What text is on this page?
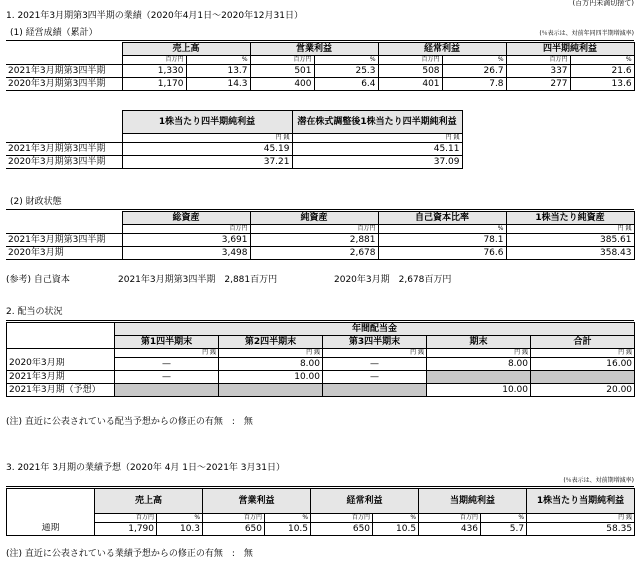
(百万円未満切捨て)
1. 2021年3月期第3四半期の業績（2020年4月1日～2020年12月31日）
(1) 経営成績（累計）	(％表示は、対前年同四半期増減率)
	売上高		営業利益		経常利益		四半期純利益	
	百万円	%	百万円	%	百万円	%	百万円	%
2021年3月期第3四半期	1,330	13.7	501	25.3	508	26.7	337	21.6
2020年3月期第3四半期	1,170	14.3	400	6.4	401	7.8	277	13.6
	1株当たり四半期純利益	潜在株式調整後1株当たり四半期純利益
	円 銭	円 銭
2021年3月期第3四半期	45.19	45.11
2020年3月期第3四半期	37.21	37.09
(2) 財政状態
	総資産	純資産	自己資本比率	1株当たり純資産
	百万円	百万円	%	円 銭
2021年3月期第3四半期	3,691	2,881	78.1	385.61
2020年3月期	3,498	2,678	76.6	358.43
(参考) 自己資本	2021年3月期第3四半期　2,881百万円	2020年3月期　2,678百万円
2. 配当の状況
	年間配当金				
	第1四半期末	第2四半期末	第3四半期末	期末	合計
	円 銭	円 銭	円 銭	円 銭	円 銭
2020年3月期	—	8.00	—	8.00	16.00
2021年3月期	—	10.00	—		
2021年3月期（予想）				10.00	20.00
(注) 直近に公表されている配当予想からの修正の有無　:　無
3. 2021年 3月期の業績予想（2020年 4月 1日～2021年 3月31日）
(％表示は、対前期増減率)
	売上高		営業利益		経常利益		当期純利益		1株当たり当期純利益
	百万円	%	百万円	%	百万円	%	百万円	%	円 銭
通期	1,790	10.3	650	10.5	650	10.5	436	5.7	58.35
(注) 直近に公表されている業績予想からの修正の有無　:　無
